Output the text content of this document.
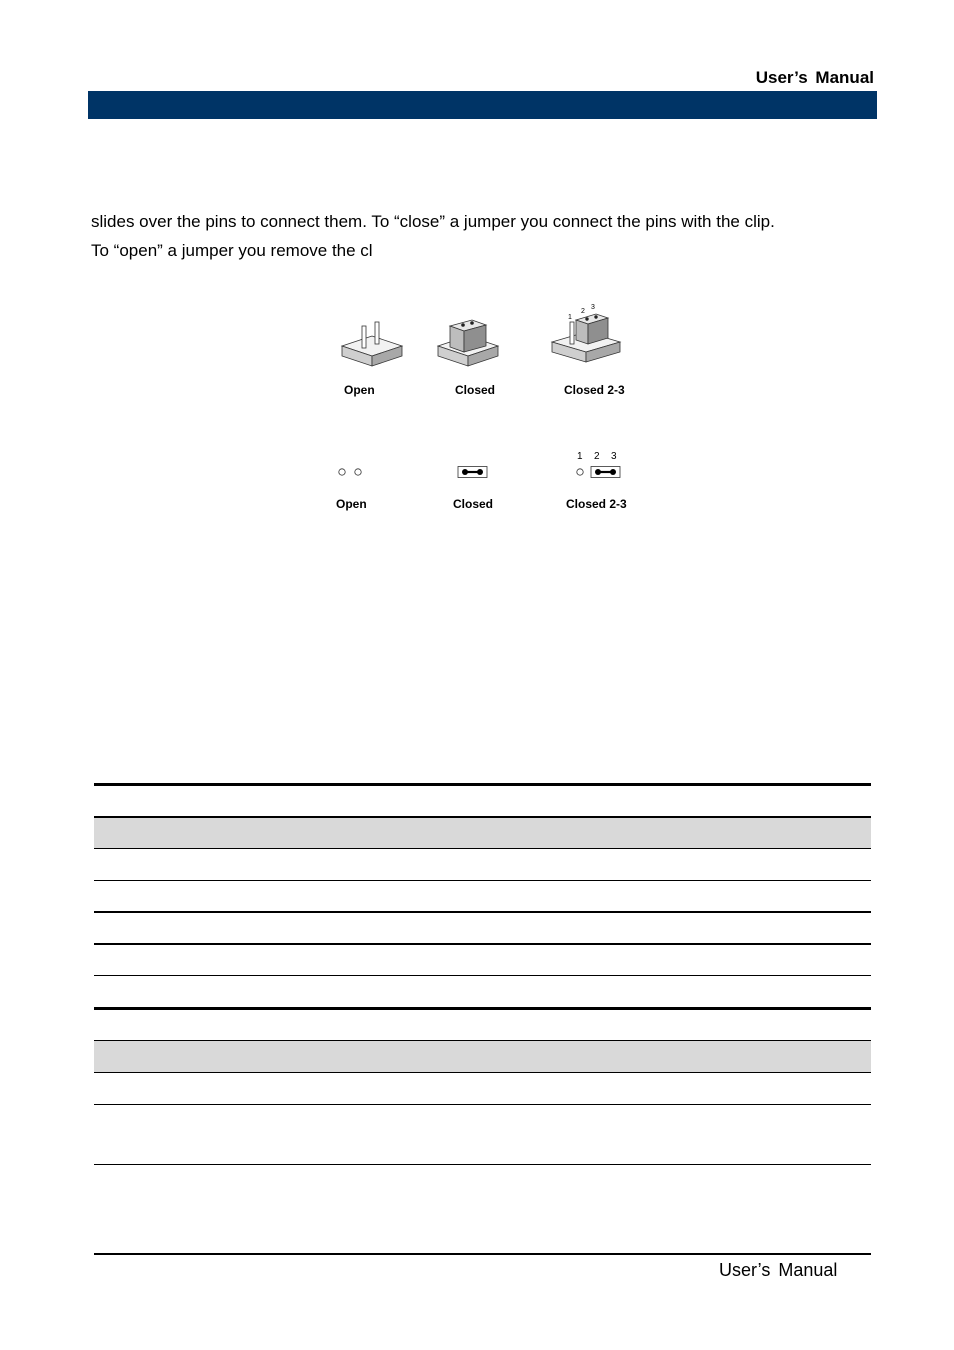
User’s Manual
slides over the pins to connect them. To “close” a jumper you connect the pins with the clip.
To “open” a jumper you remove the cl
1
2
3
Open	Closed	Closed 2-3
1 2 3
Open	Closed	Closed 2-3
User’s Manual
